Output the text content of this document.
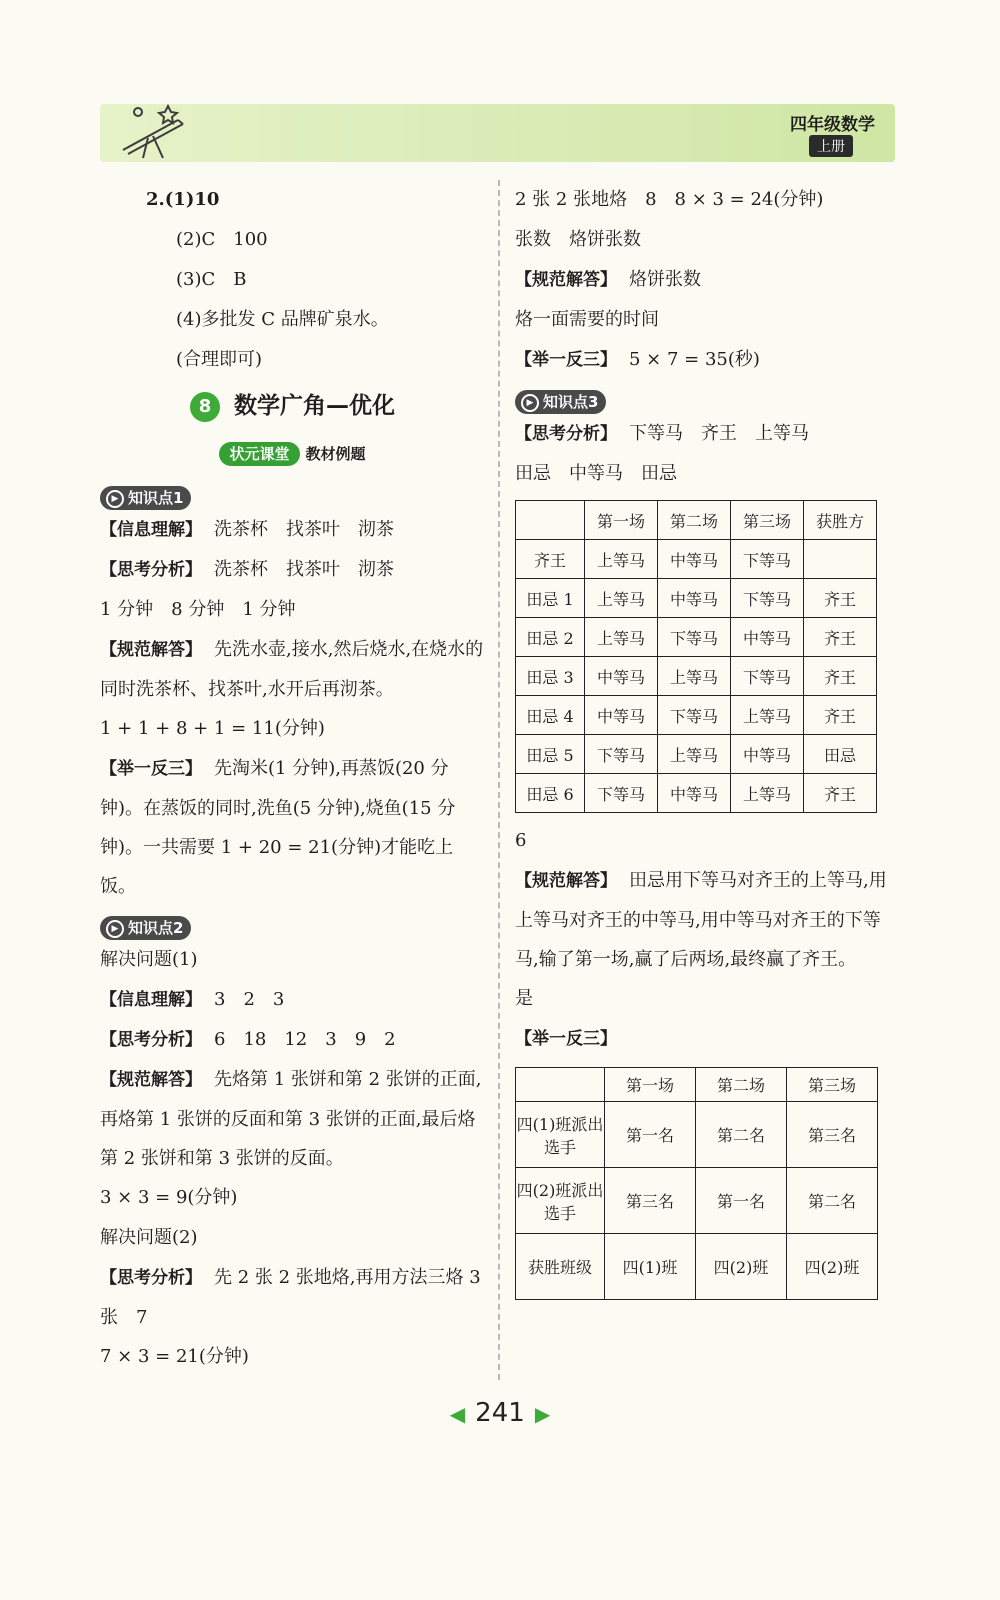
四年级数学
上册

2.(1)10

(2)C　100

(3)C　B

(4)多批发 C 品牌矿泉水。

(合理即可)

8 数学广角—优化
状元课堂 教材例题
▶ 知识点1

【信息理解】 洗茶杯　找茶叶　沏茶

【思考分析】 洗茶杯　找茶叶　沏茶

1 分钟　8 分钟　1 分钟

【规范解答】 先洗水壶,接水,然后烧水,在烧水的同时洗茶杯、找茶叶,水开后再沏茶。

1 + 1 + 8 + 1 = 11(分钟)

【举一反三】 先淘米(1 分钟),再蒸饭(20 分钟)。在蒸饭的同时,洗鱼(5 分钟),烧鱼(15 分钟)。一共需要 1 + 20 = 21(分钟)才能吃上饭。

▶ 知识点2

解决问题(1)

【信息理解】 3　2　3

【思考分析】 6　18　12　3　9　2

【规范解答】 先烙第 1 张饼和第 2 张饼的正面,再烙第 1 张饼的反面和第 3 张饼的正面,最后烙第 2 张饼和第 3 张饼的反面。

3 × 3 = 9(分钟)

解决问题(2)

【思考分析】 先 2 张 2 张地烙,再用方法三烙 3 张　7

7 × 3 = 21(分钟)

2 张 2 张地烙　8　8 × 3 = 24(分钟)

张数　烙饼张数

【规范解答】 烙饼张数

烙一面需要的时间

【举一反三】 5 × 7 = 35(秒)

▶ 知识点3

【思考分析】 下等马　齐王　上等马

田忌　中等马　田忌

	第一场	第二场	第三场	获胜方
齐王	上等马	中等马	下等马	
田忌 1	上等马	中等马	下等马	齐王
田忌 2	上等马	下等马	中等马	齐王
田忌 3	中等马	上等马	下等马	齐王
田忌 4	中等马	下等马	上等马	齐王
田忌 5	下等马	上等马	中等马	田忌
田忌 6	下等马	中等马	上等马	齐王

6

【规范解答】 田忌用下等马对齐王的上等马,用上等马对齐王的中等马,用中等马对齐王的下等马,输了第一场,赢了后两场,最终赢了齐王。

是

【举一反三】

	第一场	第二场	第三场
四(1)班派出选手	第一名	第二名	第三名
四(2)班派出选手	第三名	第一名	第二名
获胜班级	四(1)班	四(2)班	四(2)班
◀ 241 ▶
